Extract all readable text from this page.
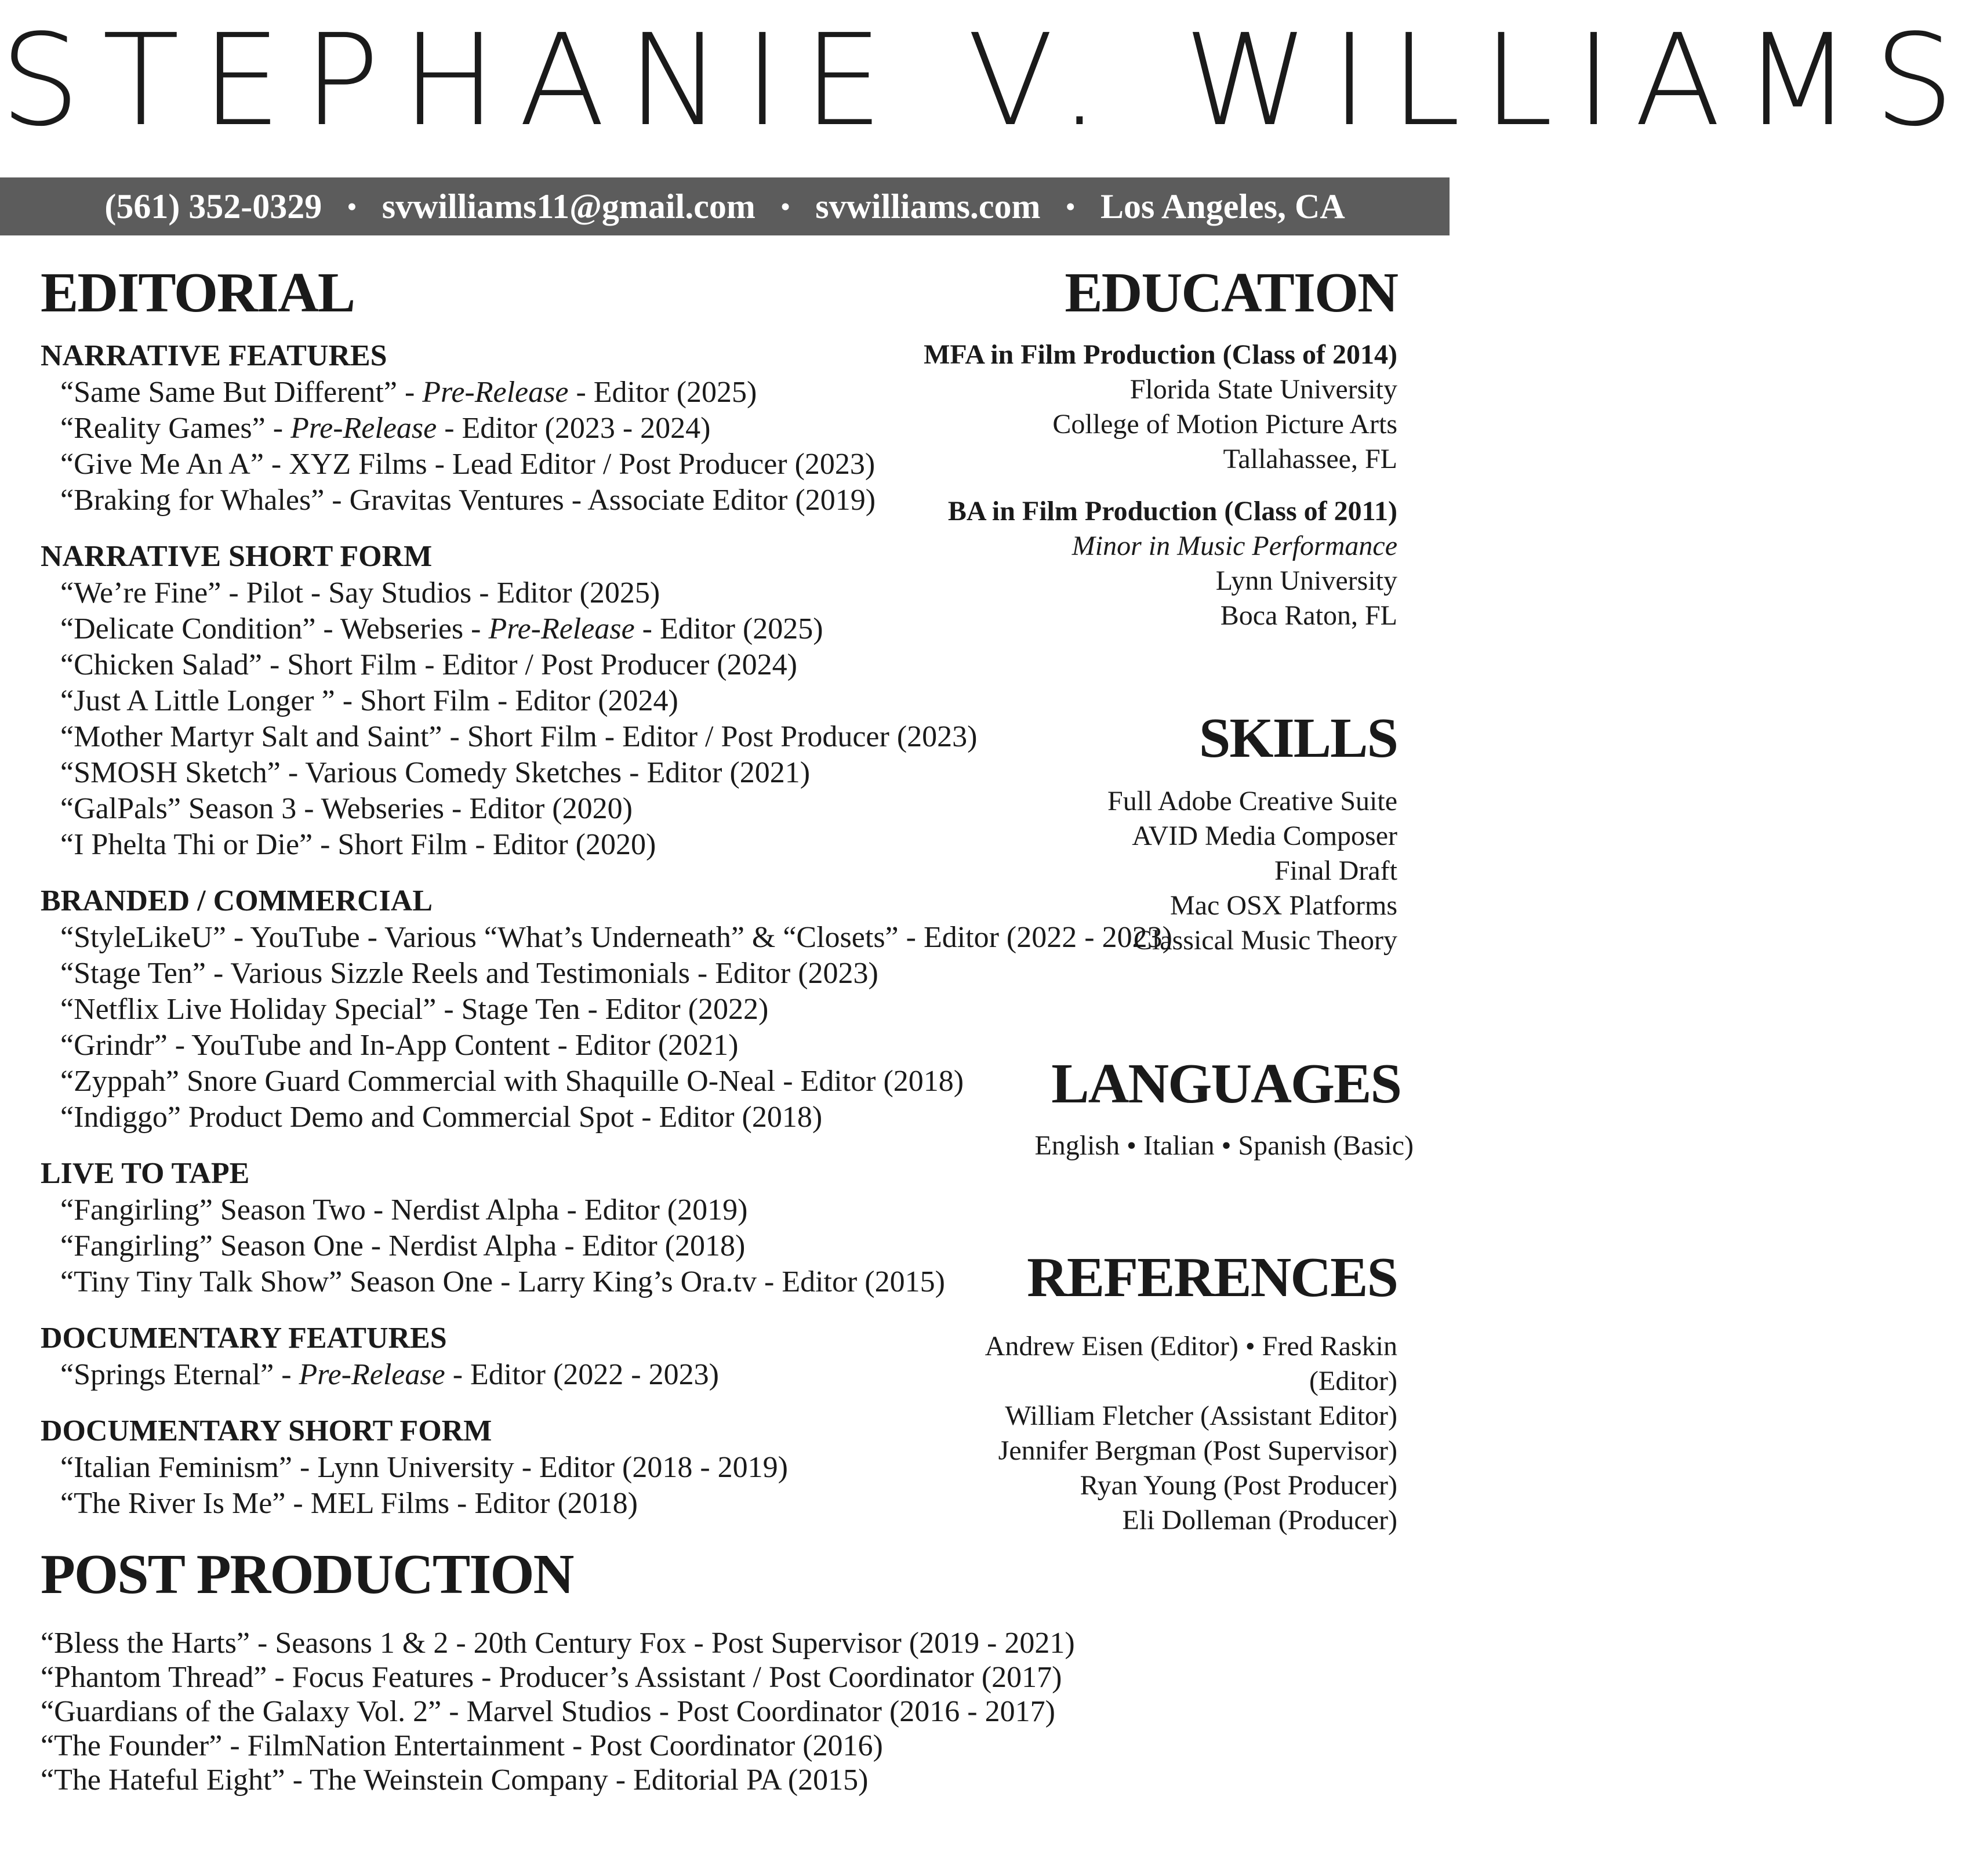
STEPHANIE V. WILLIAMS
(561) 352-0329 • svwilliams11@gmail.com • svwilliams.com • Los Angeles, CA
EDITORIAL
NARRATIVE FEATURES
“Same Same But Different” - Pre-Release - Editor (2025)
“Reality Games” - Pre-Release - Editor (2023 - 2024)
“Give Me An A” - XYZ Films - Lead Editor / Post Producer (2023)
“Braking for Whales” - Gravitas Ventures - Associate Editor (2019)
NARRATIVE SHORT FORM
“We’re Fine” - Pilot - Say Studios - Editor (2025)
“Delicate Condition” - Webseries - Pre-Release - Editor (2025)
“Chicken Salad” - Short Film - Editor / Post Producer (2024)
“Just A Little Longer ” - Short Film - Editor (2024)
“Mother Martyr Salt and Saint” - Short Film - Editor / Post Producer (2023)
“SMOSH Sketch” - Various Comedy Sketches - Editor (2021)
“GalPals” Season 3 - Webseries - Editor (2020)
“I Phelta Thi or Die” - Short Film - Editor (2020)
BRANDED / COMMERCIAL
“StyleLikeU” - YouTube - Various “What’s Underneath” & “Closets” - Editor (2022 - 2023)
“Stage Ten” - Various Sizzle Reels and Testimonials - Editor (2023)
“Netflix Live Holiday Special” - Stage Ten - Editor (2022)
“Grindr” - YouTube and In-App Content - Editor (2021)
“Zyppah” Snore Guard Commercial with Shaquille O-Neal - Editor (2018)
“Indiggo” Product Demo and Commercial Spot - Editor (2018)
LIVE TO TAPE
“Fangirling” Season Two - Nerdist Alpha - Editor (2019)
“Fangirling” Season One - Nerdist Alpha - Editor (2018)
“Tiny Tiny Talk Show” Season One - Larry King’s Ora.tv - Editor (2015)
DOCUMENTARY FEATURES
“Springs Eternal” - Pre-Release - Editor (2022 - 2023)
DOCUMENTARY SHORT FORM
“Italian Feminism” - Lynn University - Editor (2018 - 2019)
“The River Is Me” - MEL Films - Editor (2018)
POST PRODUCTION
“Bless the Harts” - Seasons 1 & 2 - 20th Century Fox - Post Supervisor (2019 - 2021)
“Phantom Thread” - Focus Features - Producer’s Assistant / Post Coordinator (2017)
“Guardians of the Galaxy Vol. 2” - Marvel Studios - Post Coordinator (2016 - 2017)
“The Founder” - FilmNation Entertainment - Post Coordinator (2016)
“The Hateful Eight” - The Weinstein Company - Editorial PA (2015)
EDUCATION
MFA in Film Production (Class of 2014)
Florida State University
College of Motion Picture Arts
Tallahassee, FL
BA in Film Production (Class of 2011)
Minor in Music Performance
Lynn University
Boca Raton, FL
SKILLS
Full Adobe Creative Suite
AVID Media Composer
Final Draft
Mac OSX Platforms
Classical Music Theory
LANGUAGES
English • Italian • Spanish (Basic)
REFERENCES
Andrew Eisen (Editor) • Fred Raskin (Editor)
William Fletcher (Assistant Editor)
Jennifer Bergman (Post Supervisor)
Ryan Young (Post Producer)
Eli Dolleman (Producer)
